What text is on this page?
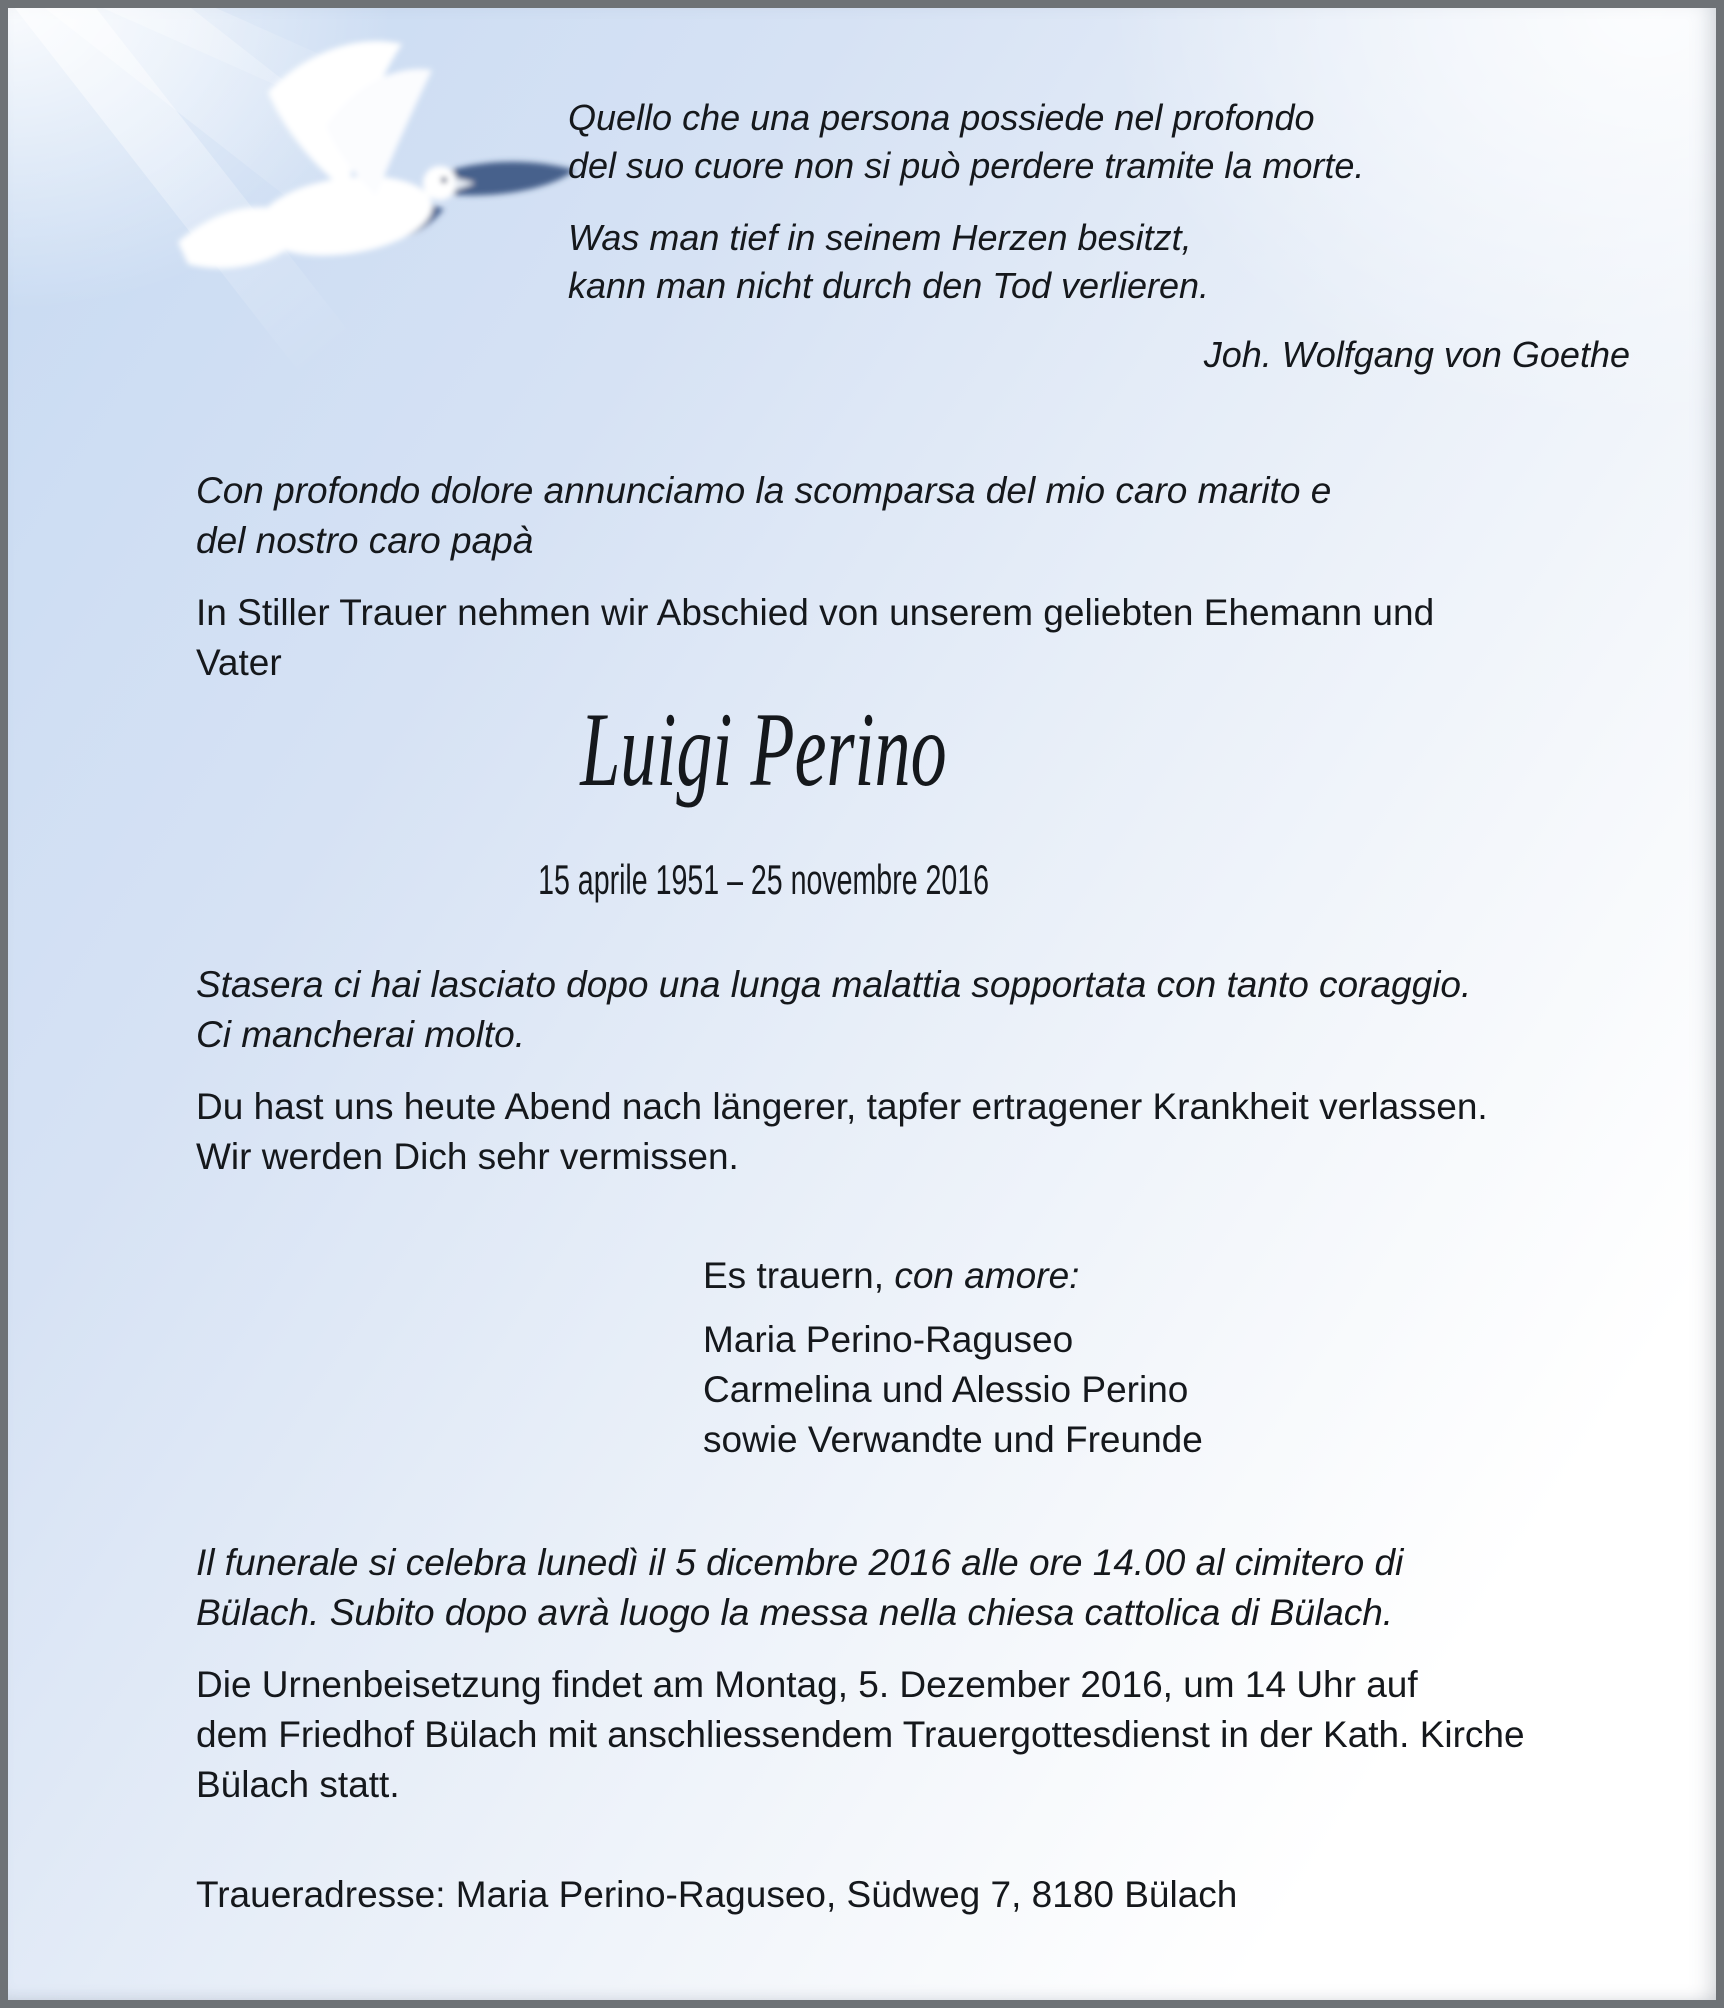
Quello che una persona possiede nel profondo
del suo cuore non si può perdere tramite la morte.
Was man tief in seinem Herzen besitzt,
kann man nicht durch den Tod verlieren.
Joh. Wolfgang von Goethe
Con profondo dolore annunciamo la scomparsa del mio caro marito e
del nostro caro papà
In Stiller Trauer nehmen wir Abschied von unserem geliebten Ehemann und
Vater
Luigi Perino
15 aprile 1951 – 25 novembre 2016
Stasera ci hai lasciato dopo una lunga malattia sopportata con tanto coraggio.
Ci mancherai molto.
Du hast uns heute Abend nach längerer, tapfer ertragener Krankheit verlassen.
Wir werden Dich sehr vermissen.
Es trauern, con amore:
Maria Perino-Raguseo
Carmelina und Alessio Perino
sowie Verwandte und Freunde
Il funerale si celebra lunedì il 5 dicembre 2016 alle ore 14.00 al cimitero di
Bülach. Subito dopo avrà luogo la messa nella chiesa cattolica di Bülach.
Die Urnenbeisetzung findet am Montag, 5. Dezember 2016, um 14 Uhr auf
dem Friedhof Bülach mit anschliessendem Trauergottesdienst in der Kath. Kirche
Bülach statt.
Traueradresse: Maria Perino-Raguseo, Südweg 7, 8180 Bülach
